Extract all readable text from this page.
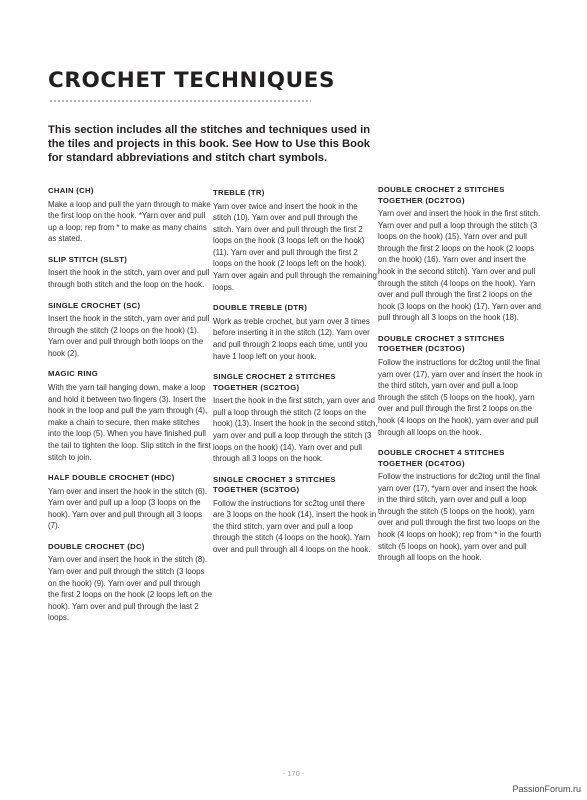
CROCHET TECHNIQUES

This section includes all the stitches and techniques used in the tiles and projects in this book. See How to Use this Book for standard abbreviations and stitch chart symbols.

CHAIN (CH)

Make a loop and pull the yarn through to make the first loop on the hook. *Yarn over and pull up a loop; rep from * to make as many chains as stated.

SLIP STITCH (SLST)

Insert the hook in the stitch, yarn over and pull through both stitch and the loop on the hook.

SINGLE CROCHET (SC)

Insert the hook in the stitch, yarn over and pull through the stitch (2 loops on the hook) (1). Yarn over and pull through both loops on the hook (2).

MAGIC RING

With the yarn tail hanging down, make a loop and hold it between two fingers (3). Insert the hook in the loop and pull the yarn through (4), make a chain to secure, then make stitches into the loop (5). When you have finished pull the tail to tighten the loop. Slip stitch in the first stitch to join.

HALF DOUBLE CROCHET (HDC)

Yarn over and insert the hook in the stitch (6). Yarn over and pull up a loop (3 loops on the hook). Yarn over and pull through all 3 loops (7).

DOUBLE CROCHET (DC)

Yarn over and insert the hook in the stitch (8). Yarn over and pull through the stitch (3 loops on the hook) (9). Yarn over and pull through the first 2 loops on the hook (2 loops left on the hook). Yarn over and pull through the last 2 loops.

TREBLE (TR)

Yarn over twice and insert the hook in the stitch (10). Yarn over and pull through the stitch. Yarn over and pull through the first 2 loops on the hook (3 loops left on the hook) (11). Yarn over and pull through the first 2 loops on the hook (2 loops left on the hook). Yarn over again and pull through the remaining loops.

DOUBLE TREBLE (DTR)

Work as treble crochet, but yarn over 3 times before inserting it in the stitch (12). Yarn over and pull through 2 loops each time, until you have 1 loop left on your hook.

SINGLE CROCHET 2 STITCHES TOGETHER (SC2TOG)

Insert the hook in the first stitch, yarn over and pull a loop through the stitch (2 loops on the hook) (13). Insert the hook in the second stitch, yarn over and pull a loop through the stitch (3 loops on the hook) (14). Yarn over and pull through all 3 loops on the hook.

SINGLE CROCHET 3 STITCHES TOGETHER (SC3TOG)

Follow the instructions for sc2tog until there are 3 loops on the hook (14), insert the hook in the third stitch, yarn over and pull a loop through the stitch (4 loops on the hook). Yarn over and pull through all 4 loops on the hook.

DOUBLE CROCHET 2 STITCHES TOGETHER (DC2TOG)

Yarn over and insert the hook in the first stitch. Yarn over and pull a loop through the stitch (3 loops on the hook) (15). Yarn over and pull through the first 2 loops on the hook (2 loops on the hook) (16). Yarn over and insert the hook in the second stitch). Yarn over and pull through the stitch (4 loops on the hook). Yarn over and pull through the first 2 loops on the hook (3 loops on the hook) (17). Yarn over and pull through all 3 loops on the hook (18).

DOUBLE CROCHET 3 STITCHES TOGETHER (DC3TOG)

Follow the instructions for dc2tog until the final yarn over (17), yarn over and insert the hook in the third stitch, yarn over and pull a loop through the stitch (5 loops on the hook), yarn over and pull through the first 2 loops on the hook (4 loops on the hook), yarn over and pull through all loops on the hook.

DOUBLE CROCHET 4 STITCHES TOGETHER (DC4TOG)

Follow the instructions for dc2tog until the final yarn over (17), *yarn over and insert the hook in the third stitch, yarn over and pull a loop through the stitch (5 loops on the hook), yarn over and pull through the first two loops on the hook (4 loops on hook); rep from * in the fourth stitch (5 loops on hook), yarn over and pull through all loops on the hook.

- 170 -

PassionForum.ru
